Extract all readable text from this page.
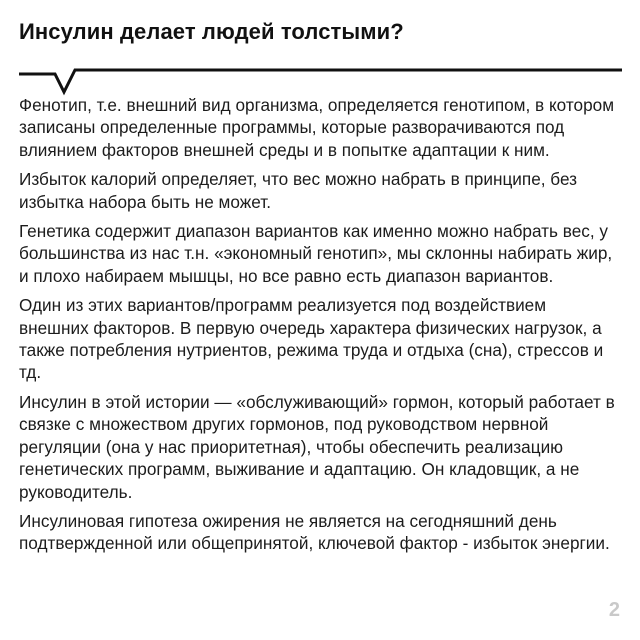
Инсулин делает людей толстыми?

Фенотип, т.е. внешний вид организма, определяется генотипом, в котором записаны определенные программы, которые разворачиваются под влиянием факторов внешней среды и в попытке адаптации к ним.

Избыток калорий определяет, что вес можно набрать в принципе, без избытка набора быть не может.

Генетика содержит диапазон вариантов как именно можно набрать вес, у большинства из нас т.н. «экономный генотип», мы склонны набирать жир, и плохо набираем мышцы, но все равно есть диапазон вариантов.

Один из этих вариантов/программ реализуется под воздействием внешних факторов. В первую очередь характера физических нагрузок, а также потребления нутриентов, режима труда и отдыха (сна), стрессов и тд.

Инсулин в этой истории — «обслуживающий» гормон, который работает в связке с множеством других гормонов, под руководством нервной регуляции (она у нас приоритетная), чтобы обеспечить реализацию генетических программ, выживание и адаптацию. Он кладовщик, а не руководитель.

Инсулиновая гипотеза ожирения не является на сегодняшний день подтвержденной или общепринятой, ключевой фактор - избыток энергии.

2
